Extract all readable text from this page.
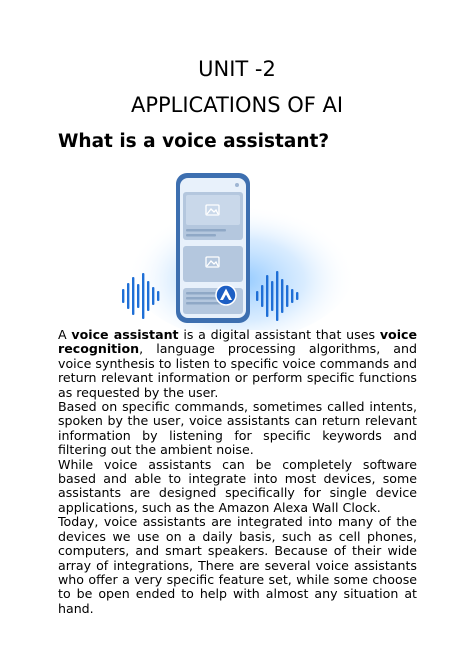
UNIT -2
APPLICATIONS OF AI
What is a voice assistant?

A voice assistant is a digital assistant that uses voice recognition, language processing algorithms, and voice synthesis to listen to specific voice commands and return relevant information or perform specific functions as requested by the user.

Based on specific commands, sometimes called intents, spoken by the user, voice assistants can return relevant information by listening for specific keywords and filtering out the ambient noise.

While voice assistants can be completely software based and able to integrate into most devices, some assistants are designed specifically for single device applications, such as the Amazon Alexa Wall Clock.

Today, voice assistants are integrated into many of the devices we use on a daily basis, such as cell phones, computers, and smart speakers. Because of their wide array of integrations, There are several voice assistants who offer a very specific feature set, while some choose to be open ended to help with almost any situation at hand.
